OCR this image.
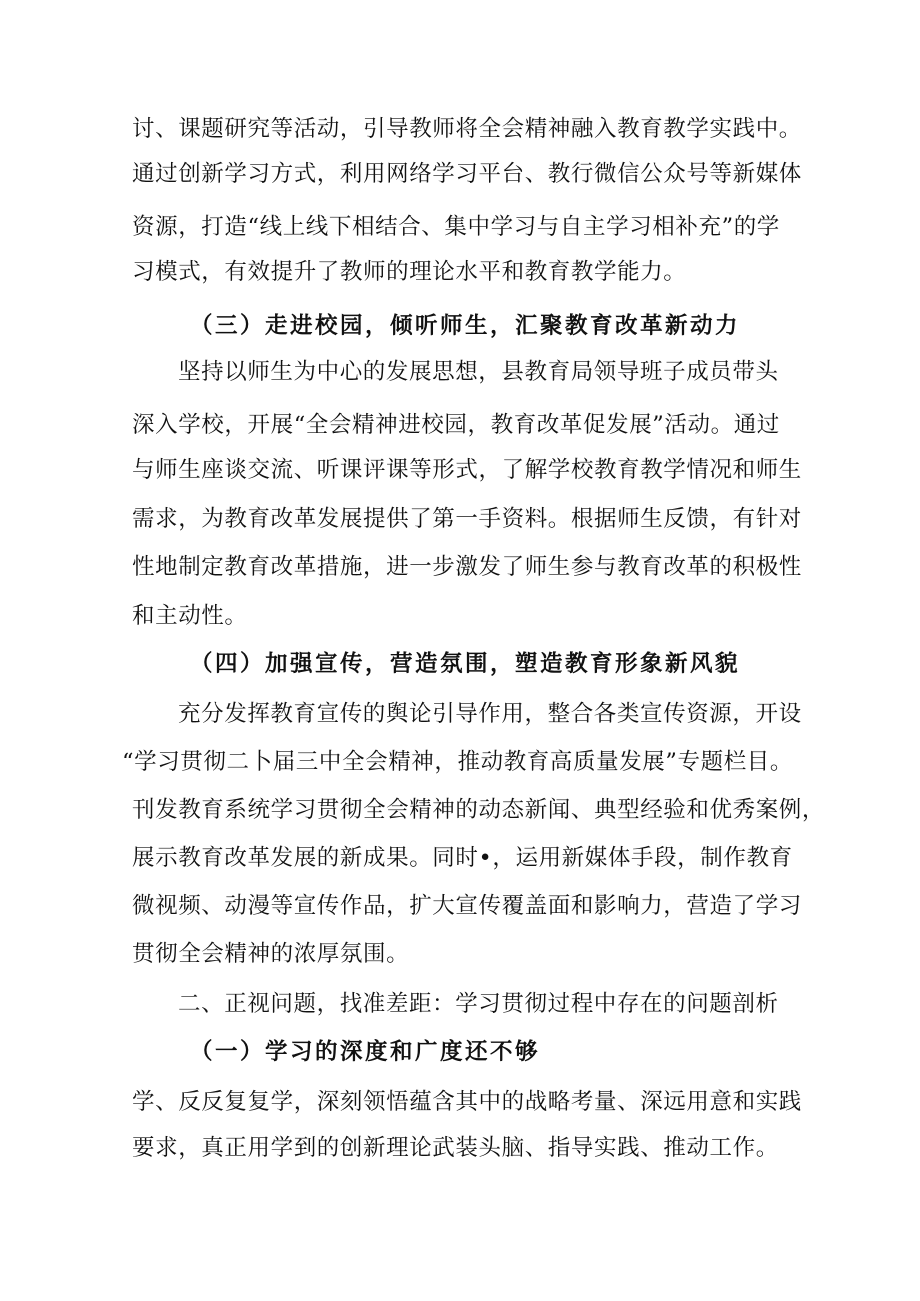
讨、课题研究等活动，引导教师将全会精神融入教育教学实践中。
通过创新学习方式，利用网络学习平台、教行微信公众号等新媒体
资源，打造“线上线下相结合、集中学习与自主学习相补充”的学
习模式，有效提升了教师的理论水平和教育教学能力。
（三）走进校园，倾听师生，汇聚教育改革新动力
坚持以师生为中心的发展思想，县教育局领导班子成员带头
深入学校，开展“全会精神进校园，教育改革促发展”活动。通过
与师生座谈交流、听课评课等形式，了解学校教育教学情况和师生
需求，为教育改革发展提供了第一手资料。根据师生反馈，有针对
性地制定教育改革措施，进一步激发了师生参与教育改革的积极性
和主动性。
（四）加强宣传，营造氛围，塑造教育形象新风貌
充分发挥教育宣传的舆论引导作用，整合各类宣传资源，开设
“学习贯彻二卜届三中全会精神，推动教育高质量发展”专题栏目。
刊发教育系统学习贯彻全会精神的动态新闻、典型经验和优秀案例，
展示教育改革发展的新成果。同时•，运用新媒体手段，制作教育
微视频、动漫等宣传作品，扩大宣传覆盖面和影响力，营造了学习
贯彻全会精神的浓厚氛围。
二、正视问题，找准差距：学习贯彻过程中存在的问题剖析
（一）学习的深度和广度还不够
学、反反复复学，深刻领悟蕴含其中的战略考量、深远用意和实践
要求，真正用学到的创新理论武装头脑、指导实践、推动工作。
